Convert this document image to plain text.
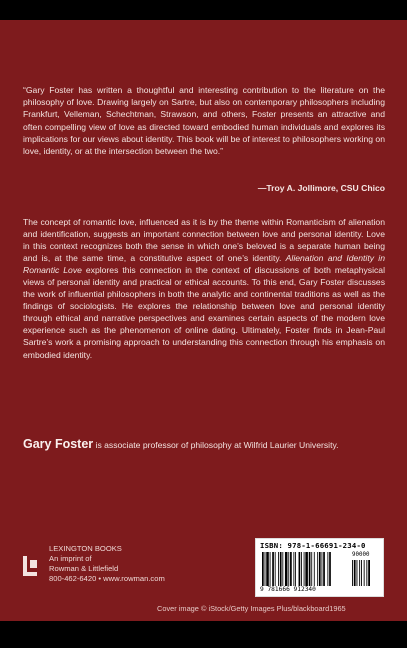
“Gary Foster has written a thoughtful and interesting contribution to the literature on the philosophy of love. Drawing largely on Sartre, but also on contemporary philosophers including Frankfurt, Velleman, Schechtman, Strawson, and others, Foster presents an attractive and often compelling view of love as directed toward embodied human individuals and explores its implications for our views about identity. This book will be of interest to philosophers working on love, identity, or at the intersection between the two.”
—Troy A. Jollimore, CSU Chico
The concept of romantic love, influenced as it is by the theme within Romanticism of alienation and identification, suggests an important connection between love and personal identity. Love in this context recognizes both the sense in which one’s beloved is a separate human being and is, at the same time, a constitutive aspect of one’s identity. Alienation and Identity in Romantic Love explores this connection in the context of discussions of both metaphysical views of personal identity and practical or ethical accounts. To this end, Gary Foster discusses the work of influential philosophers in both the analytic and continental traditions as well as the findings of sociologists. He explores the relationship between love and personal identity through ethical and narrative perspectives and examines certain aspects of the modern love experience such as the phenomenon of online dating. Ultimately, Foster finds in Jean-Paul Sartre’s work a promising approach to understanding this connection through his emphasis on embodied identity.
Gary Foster is associate professor of philosophy at Wilfrid Laurier University.
LEXINGTON BOOKS
An imprint of
Rowman & Littlefield
800-462-6420 • www.rowman.com
ISBN: 978-1-66691-234-0
90000
9 781666 912340
Cover image © iStock/Getty Images Plus/blackboard1965
